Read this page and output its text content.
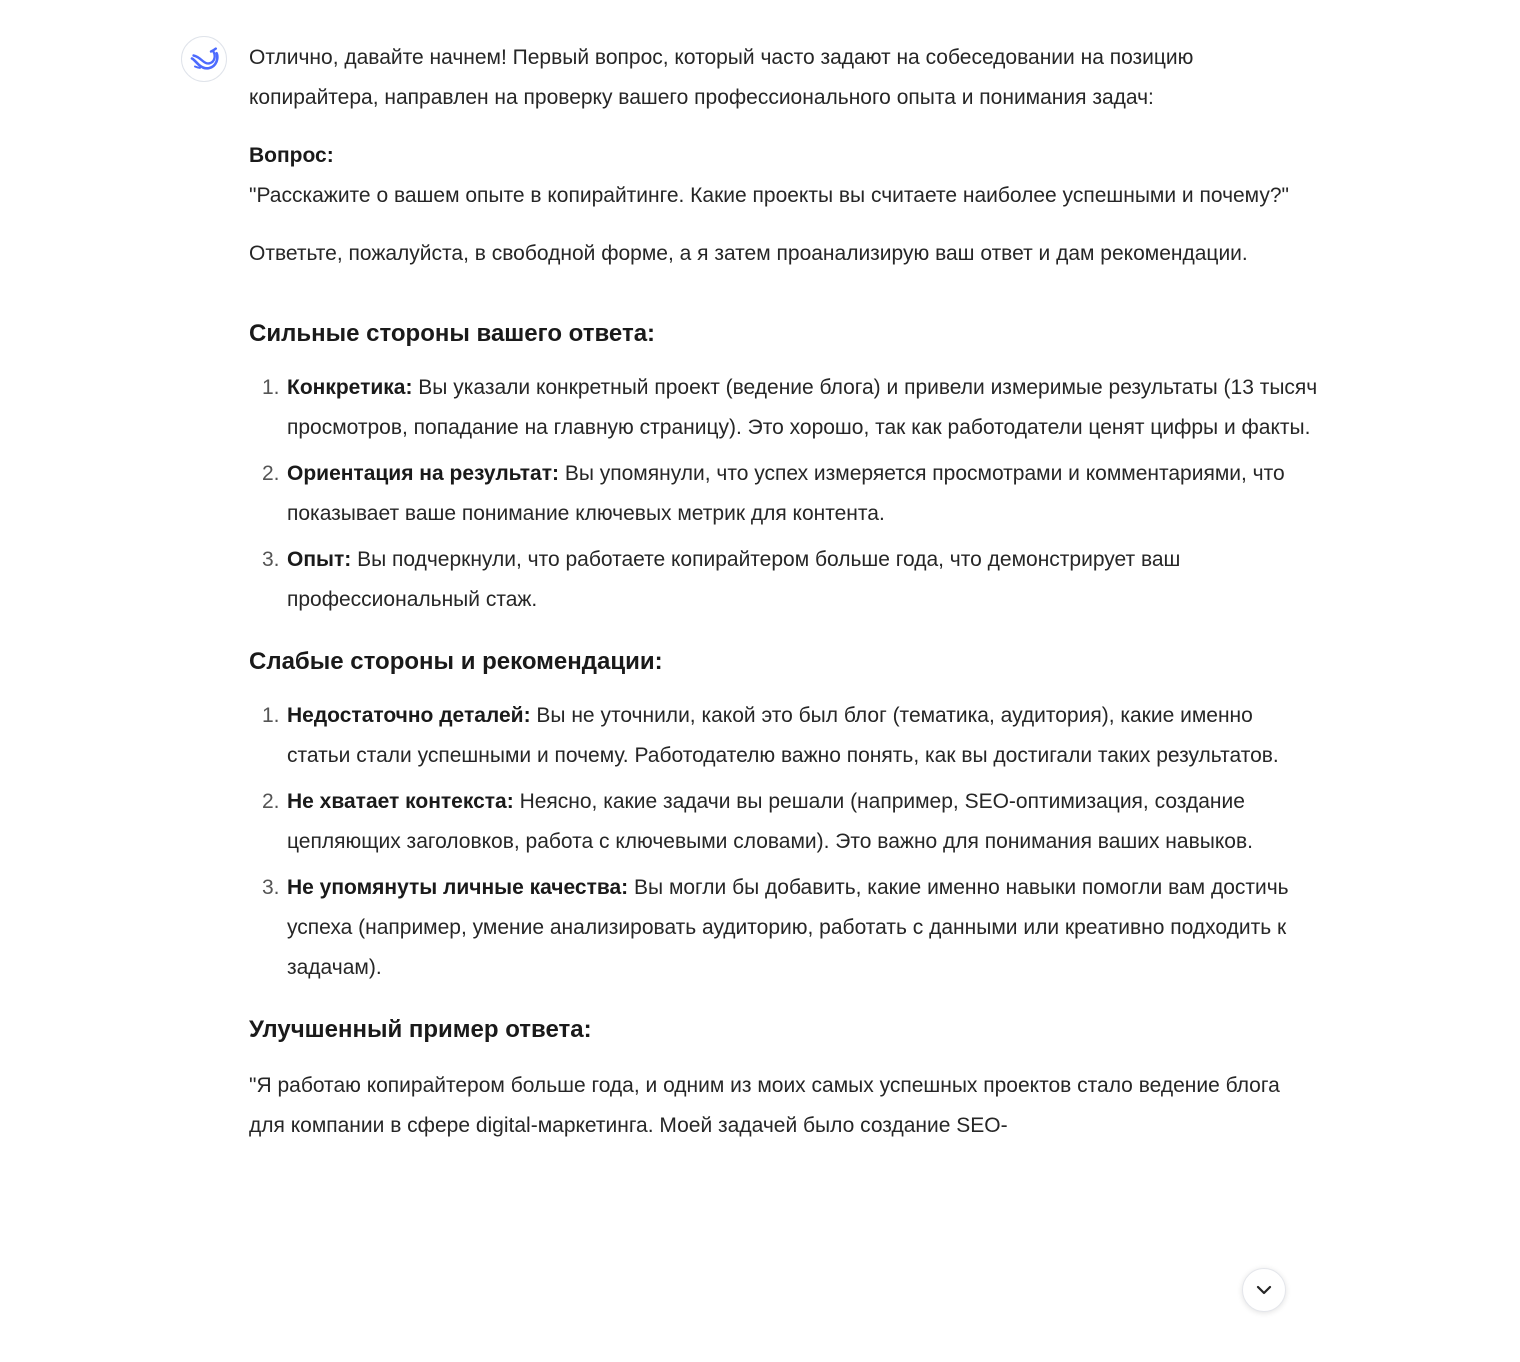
Отлично, давайте начнем! Первый вопрос, который часто задают на собеседовании на позицию копирайтера, направлен на проверку вашего профессионального опыта и понимания задач:

Вопрос:

"Расскажите о вашем опыте в копирайтинге. Какие проекты вы считаете наиболее успешными и почему?"

Ответьте, пожалуйста, в свободной форме, а я затем проанализирую ваш ответ и дам рекомендации.

Сильные стороны вашего ответа:
1. Конкретика: Вы указали конкретный проект (ведение блога) и привели измеримые результаты (13 тысяч просмотров, попадание на главную страницу). Это хорошо, так как работодатели ценят цифры и факты.
2. Ориентация на результат: Вы упомянули, что успех измеряется просмотрами и комментариями, что показывает ваше понимание ключевых метрик для контента.
3. Опыт: Вы подчеркнули, что работаете копирайтером больше года, что демонстрирует ваш профессиональный стаж.
Слабые стороны и рекомендации:
1. Недостаточно деталей: Вы не уточнили, какой это был блог (тематика, аудитория), какие именно статьи стали успешными и почему. Работодателю важно понять, как вы достигали таких результатов.
2. Не хватает контекста: Неясно, какие задачи вы решали (например, SEO-оптимизация, создание цепляющих заголовков, работа с ключевыми словами). Это важно для понимания ваших навыков.
3. Не упомянуты личные качества: Вы могли бы добавить, какие именно навыки помогли вам достичь успеха (например, умение анализировать аудиторию, работать с данными или креативно подходить к задачам).
Улучшенный пример ответа:

"Я работаю копирайтером больше года, и одним из моих самых успешных проектов стало ведение блога для компании в сфере digital-маркетинга. Моей задачей было создание SEO-
